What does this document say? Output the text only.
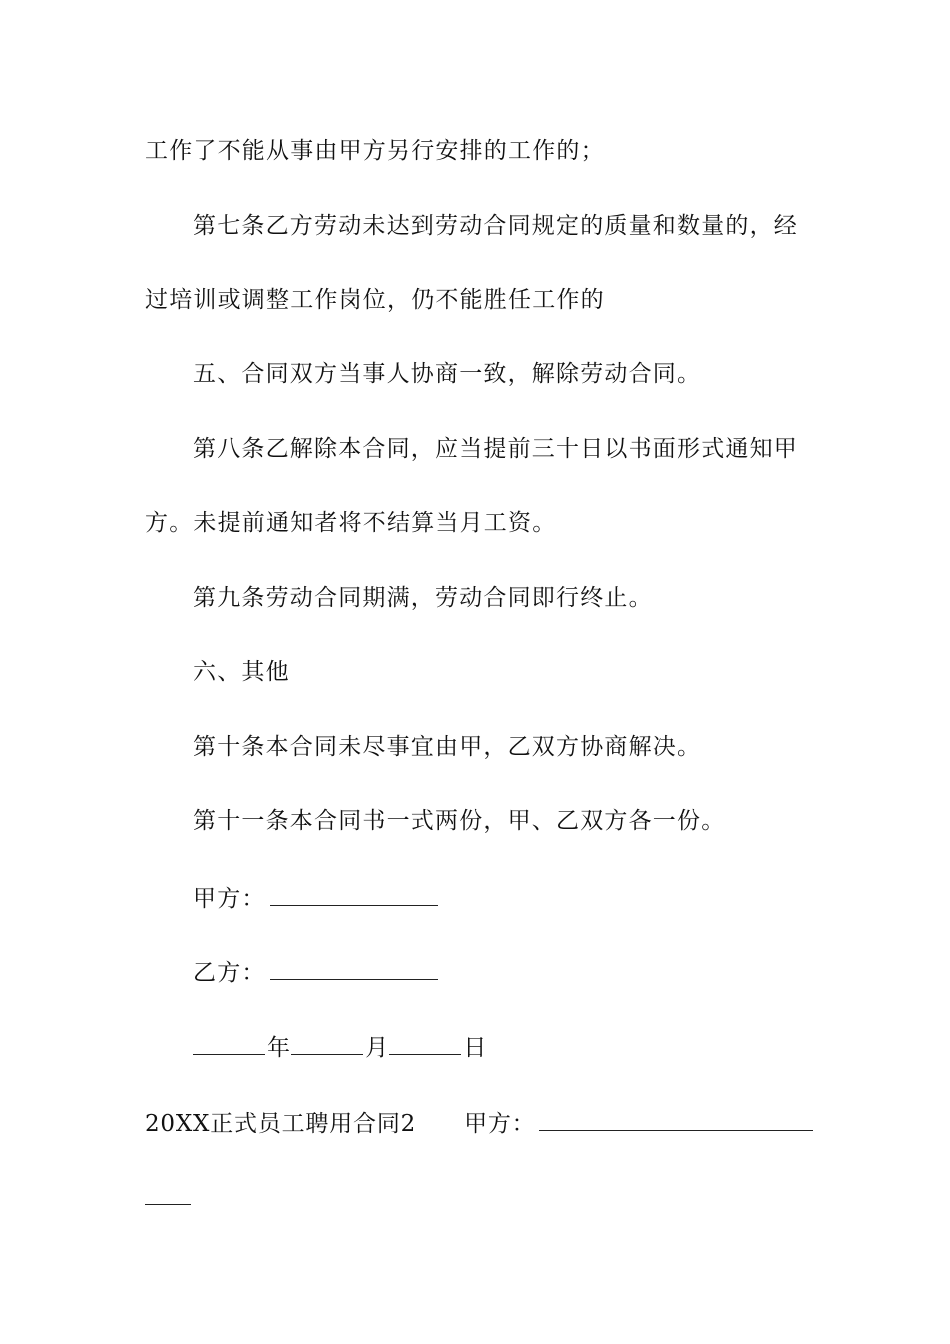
工作了不能从事由甲方另行安排的工作的；
第七条乙方劳动未达到劳动合同规定的质量和数量的，经
过培训或调整工作岗位，仍不能胜任工作的
五、合同双方当事人协商一致，解除劳动合同。
第八条乙解除本合同，应当提前三十日以书面形式通知甲
方。未提前通知者将不结算当月工资。
第九条劳动合同期满，劳动合同即行终止。
六、其他
第十条本合同未尽事宜由甲，乙双方协商解决。
第十一条本合同书一式两份，甲、乙双方各一份。
甲方：
乙方：
年	月	日
20XX正式员工聘用合同2 甲方：
